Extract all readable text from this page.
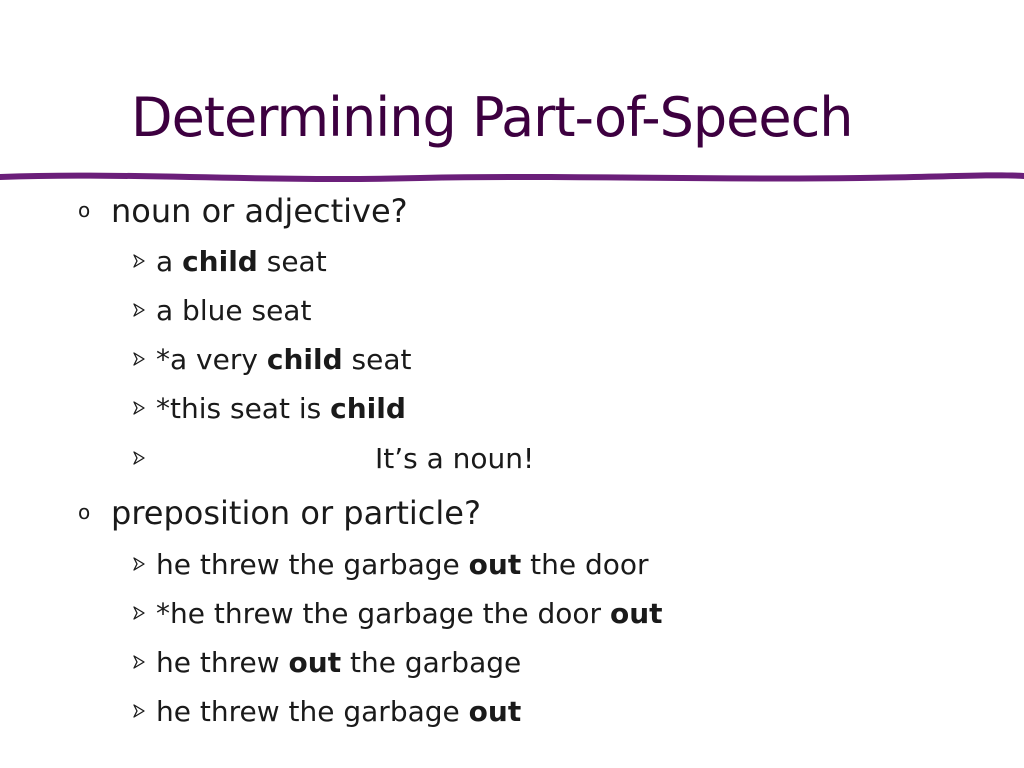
Determining Part-of-Speech
o noun or adjective?
a child seat
a blue seat
*a very child seat
*this seat is child
It’s a noun!
o preposition or particle?
he threw the garbage out the door
*he threw the garbage the door out
he threw out the garbage
he threw the garbage out
